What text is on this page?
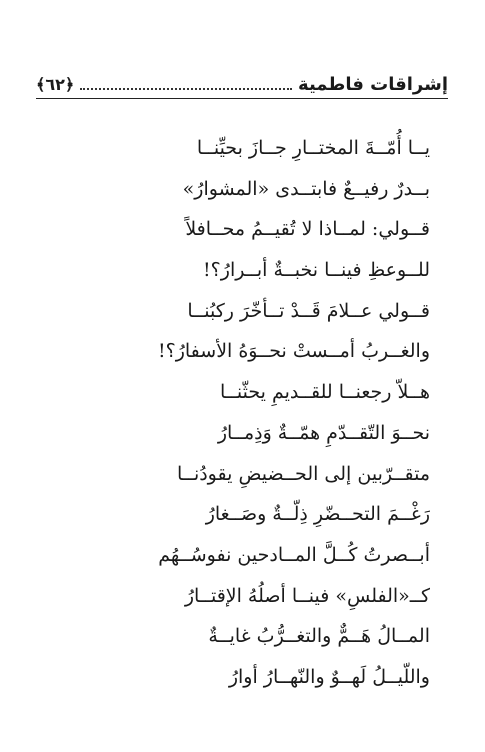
إشراقات فاطمية
﴿٦٢﴾
يــا أُمّــةَ المختــارِ جــازَ بحيِّنــا
بــدرٌ رفيــعٌ فابتــدى «المشوارُ»
قــولي: لمــاذا لا تُقيــمُ محــافلاً
للــوعظِ فينــا نخبــةٌ أبــرارُ؟!
قــولي عــلامَ قَــدْ تــأخّرَ ركبُنــا
والغــربُ أمــستْ نحــوَهُ الأسفارُ؟!
هــلاّ رجعنــا للقــديمِ يحثّنــا
نحــوَ التّقــدّمِ همّــةٌ وَذِمــارُ
متقــرّبين إلى الحــضيضِ يقودُنــا
رَغْــمَ التحــضّرِ ذِلّــةٌ وصَــغارُ
أبــصرتُ كُــلَّ المــادحين نفوسُــهُم
كــ«الفلسِ» فينــا أصلُهُ الإقتــارُ
المــالُ هَــمٌّ والتغــرُّبُ غايــةٌ
واللّيــلُ لَهــوٌ والنّهــارُ أوارُ
